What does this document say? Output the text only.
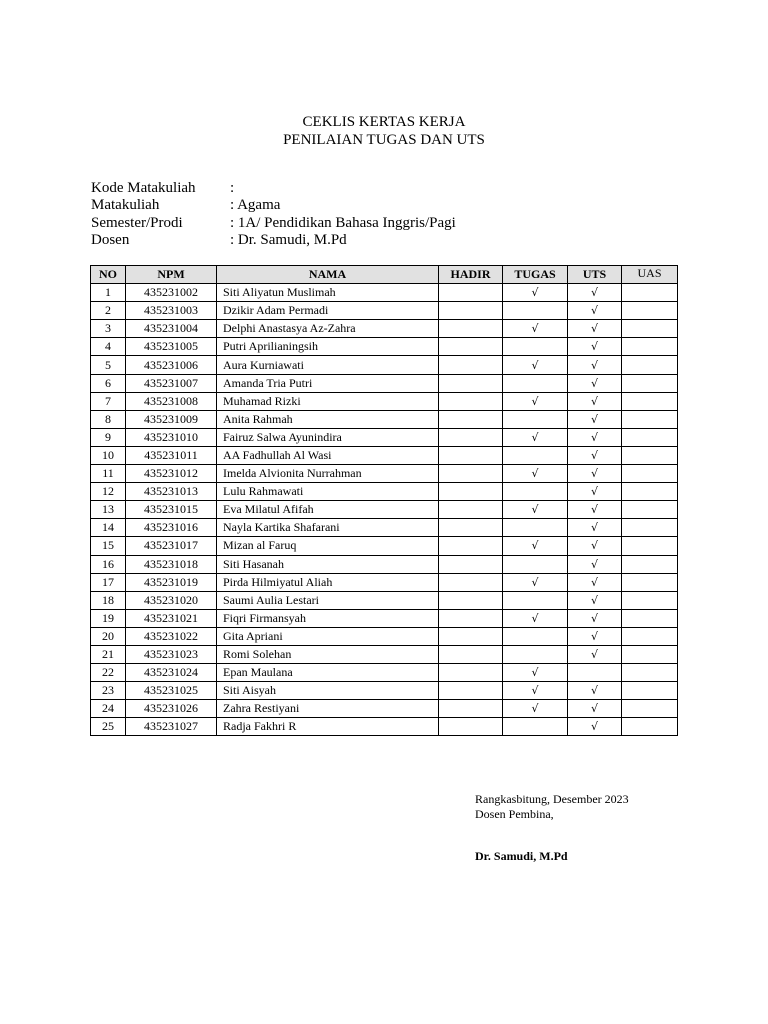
CEKLIS KERTAS KERJA
PENILAIAN TUGAS DAN UTS
Kode Matakuliah	:
Matakuliah	: Agama
Semester/Prodi	: 1A/ Pendidikan Bahasa Inggris/Pagi
Dosen	: Dr. Samudi, M.Pd
NO	NPM	NAMA	HADIR	TUGAS	UTS	UAS
1	435231002	Siti Aliyatun Muslimah		√	√	
2	435231003	Dzikir Adam Permadi			√	
3	435231004	Delphi Anastasya Az-Zahra		√	√	
4	435231005	Putri Aprilianingsih			√	
5	435231006	Aura Kurniawati		√	√	
6	435231007	Amanda Tria Putri			√	
7	435231008	Muhamad Rizki		√	√	
8	435231009	Anita Rahmah			√	
9	435231010	Fairuz Salwa Ayunindira		√	√	
10	435231011	AA Fadhullah Al Wasi			√	
11	435231012	Imelda Alvionita Nurrahman		√	√	
12	435231013	Lulu Rahmawati			√	
13	435231015	Eva Milatul Afifah		√	√	
14	435231016	Nayla Kartika Shafarani			√	
15	435231017	Mizan al Faruq		√	√	
16	435231018	Siti Hasanah			√	
17	435231019	Pirda Hilmiyatul Aliah		√	√	
18	435231020	Saumi Aulia Lestari			√	
19	435231021	Fiqri Firmansyah		√	√	
20	435231022	Gita Apriani			√	
21	435231023	Romi Solehan			√	
22	435231024	Epan Maulana		√		
23	435231025	Siti Aisyah		√	√	
24	435231026	Zahra Restiyani		√	√	
25	435231027	Radja Fakhri R			√	
Rangkasbitung, Desember 2023
Dosen Pembina,
Dr. Samudi, M.Pd
